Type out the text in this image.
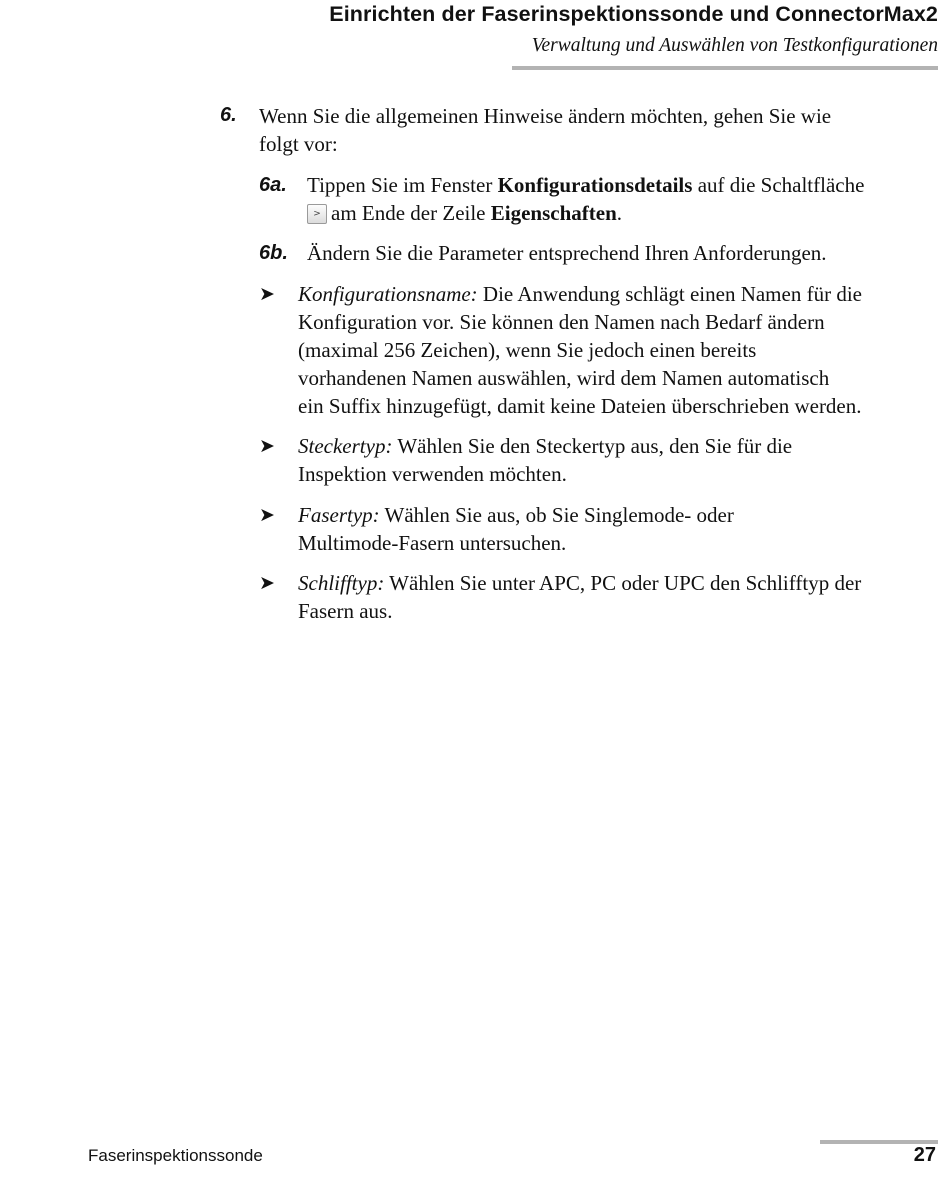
Einrichten der Faserinspektionssonde und ConnectorMax2
Verwaltung und Auswählen von Testkonfigurationen
6. Wenn Sie die allgemeinen Hinweise ändern möchten, gehen Sie wie
folgt vor:
6a. Tippen Sie im Fenster Konfigurationsdetails auf die Schaltfläche
> am Ende der Zeile Eigenschaften.
6b. Ändern Sie die Parameter entsprechend Ihren Anforderungen.
➤ Konfigurationsname: Die Anwendung schlägt einen Namen für die
Konfiguration vor. Sie können den Namen nach Bedarf ändern
(maximal 256 Zeichen), wenn Sie jedoch einen bereits
vorhandenen Namen auswählen, wird dem Namen automatisch
ein Suffix hinzugefügt, damit keine Dateien überschrieben werden.
➤ Steckertyp: Wählen Sie den Steckertyp aus, den Sie für die
Inspektion verwenden möchten.
➤ Fasertyp: Wählen Sie aus, ob Sie Singlemode- oder
Multimode-Fasern untersuchen.
➤ Schlifftyp: Wählen Sie unter APC, PC oder UPC den Schlifftyp der
Fasern aus.
Faserinspektionssonde	27
